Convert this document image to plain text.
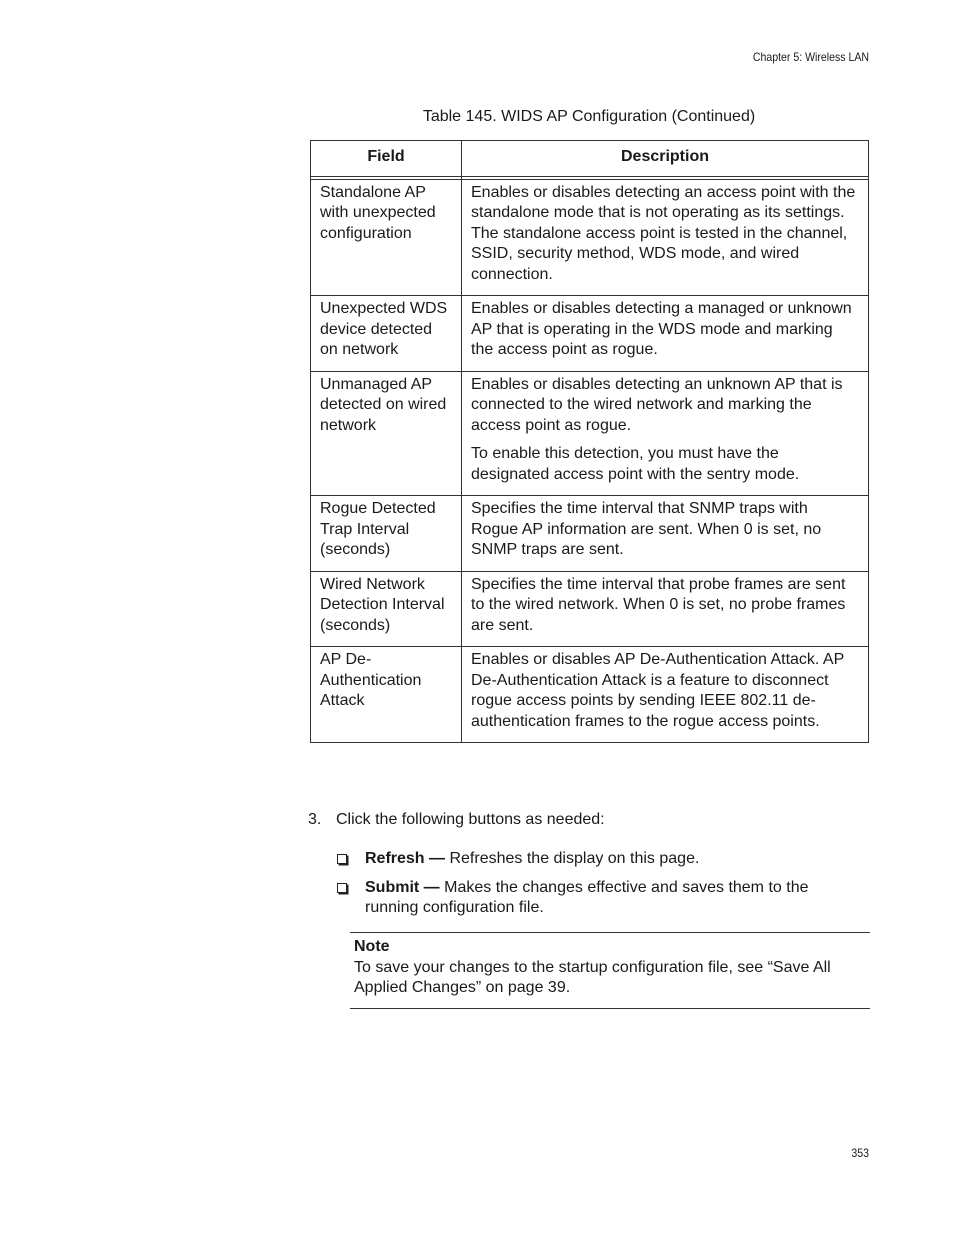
Chapter 5: Wireless LAN
Table 145. WIDS AP Configuration (Continued)
Field	Description

Standalone AP with unexpected configuration	Enables or disables detecting an access point with the standalone mode that is not operating as its settings. The standalone access point is tested in the channel, SSID, security method, WDS mode, and wired connection.

Unexpected WDS device detected on network	Enables or disables detecting a managed or unknown AP that is operating in the WDS mode and marking the access point as rogue.

Unmanaged AP detected on wired network	Enables or disables detecting an unknown AP that is connected to the wired network and marking the access point as rogue.

To enable this detection, you must have the designated access point with the sentry mode.

Rogue Detected Trap Interval (seconds)	Specifies the time interval that SNMP traps with Rogue AP information are sent. When 0 is set, no SNMP traps are sent.

Wired Network Detection Interval (seconds)	Specifies the time interval that probe frames are sent to the wired network. When 0 is set, no probe frames are sent.

AP De-Authentication Attack	Enables or disables AP De-Authentication Attack. AP De-Authentication Attack is a feature to disconnect rogue access points by sending IEEE 802.11 de-authentication frames to the rogue access points.

3. Click the following buttons as needed:
Refresh — Refreshes the display on this page.
Submit — Makes the changes effective and saves them to the running configuration file.
Note
To save your changes to the startup configuration file, see “Save All Applied Changes” on page 39.
353
